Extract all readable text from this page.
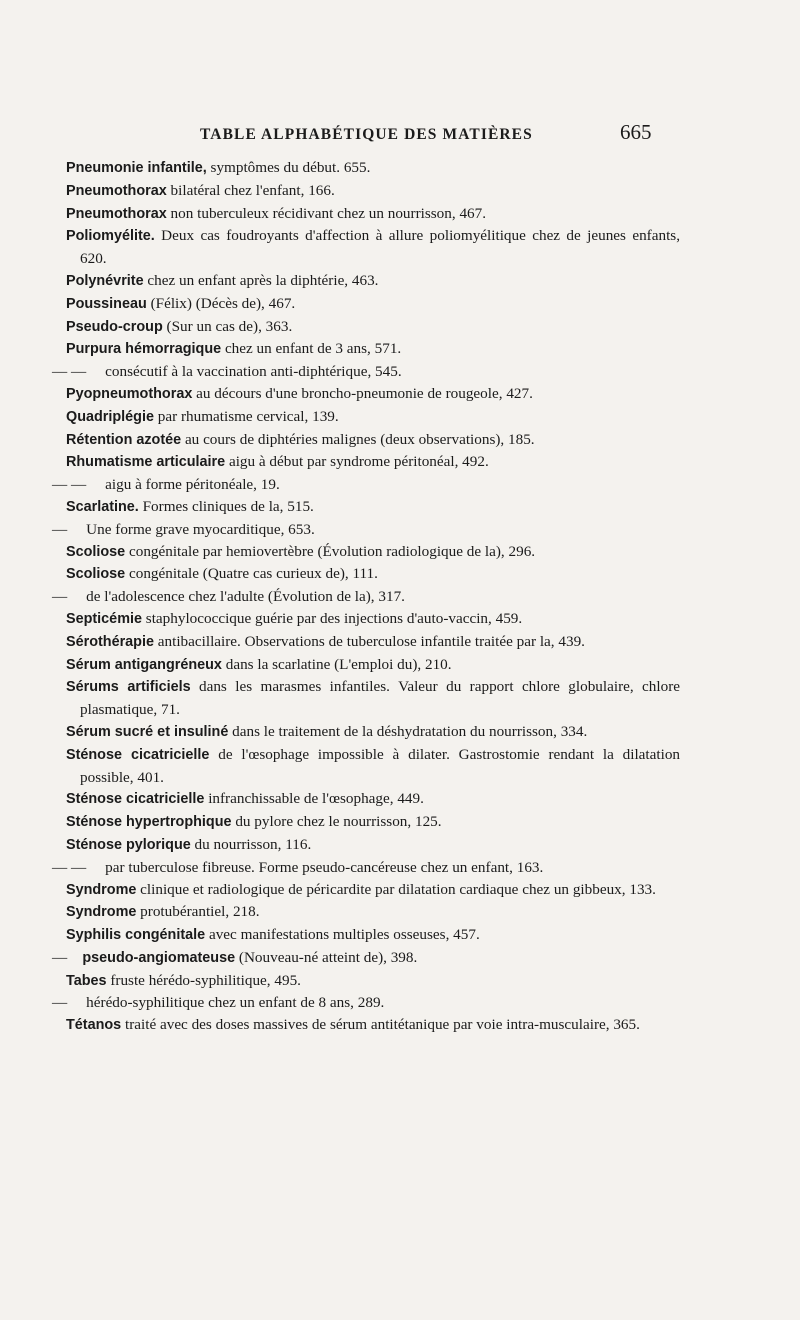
TABLE ALPHABÉTIQUE DES MATIÈRES	665
Pneumonie infantile, symptômes du début. 655.
Pneumothorax bilatéral chez l'enfant, 166.
Pneumothorax non tuberculeux récidivant chez un nourrisson, 467.
Poliomyélite. Deux cas foudroyants d'affection à allure poliomyélitique chez de jeunes enfants, 620.
Polynévrite chez un enfant après la diphtérie, 463.
Poussineau (Félix) (Décès de), 467.
Pseudo-croup (Sur un cas de), 363.
Purpura hémorragique chez un enfant de 3 ans, 571.
— —  consécutif à la vaccination anti-diphtérique, 545.
Pyopneumothorax au décours d'une broncho-pneumonie de rougeole, 427.
Quadriplégie par rhumatisme cervical, 139.
Rétention azotée au cours de diphtéries malignes (deux observations), 185.
Rhumatisme articulaire aigu à début par syndrome péritonéal, 492.
— —  aigu à forme péritonéale, 19.
Scarlatine. Formes cliniques de la, 515.
—  Une forme grave myocarditique, 653.
Scoliose congénitale par hemiovertèbre (Évolution radiologique de la), 296.
Scoliose congénitale (Quatre cas curieux de), 111.
—  de l'adolescence chez l'adulte (Évolution de la), 317.
Septicémie staphylococcique guérie par des injections d'auto-vaccin, 459.
Sérothérapie antibacillaire. Observations de tuberculose infantile traitée par la, 439.
Sérum antigangréneux dans la scarlatine (L'emploi du), 210.
Sérums artificiels dans les marasmes infantiles. Valeur du rapport chlore globulaire, chlore plasmatique, 71.
Sérum sucré et insuliné dans le traitement de la déshydratation du nourrisson, 334.
Sténose cicatricielle de l'œsophage impossible à dilater. Gastrostomie rendant la dilatation possible, 401.
Sténose cicatricielle infranchissable de l'œsophage, 449.
Sténose hypertrophique du pylore chez le nourrisson, 125.
Sténose pylorique du nourrisson, 116.
— —  par tuberculose fibreuse. Forme pseudo-cancéreuse chez un enfant, 163.
Syndrome clinique et radiologique de péricardite par dilatation cardiaque chez un gibbeux, 133.
Syndrome protubérantiel, 218.
Syphilis congénitale avec manifestations multiples osseuses, 457.
—  pseudo-angiomateuse (Nouveau-né atteint de), 398.
Tabes fruste hérédo-syphilitique, 495.
—  hérédo-syphilitique chez un enfant de 8 ans, 289.
Tétanos traité avec des doses massives de sérum antitétanique par voie intra-musculaire, 365.
